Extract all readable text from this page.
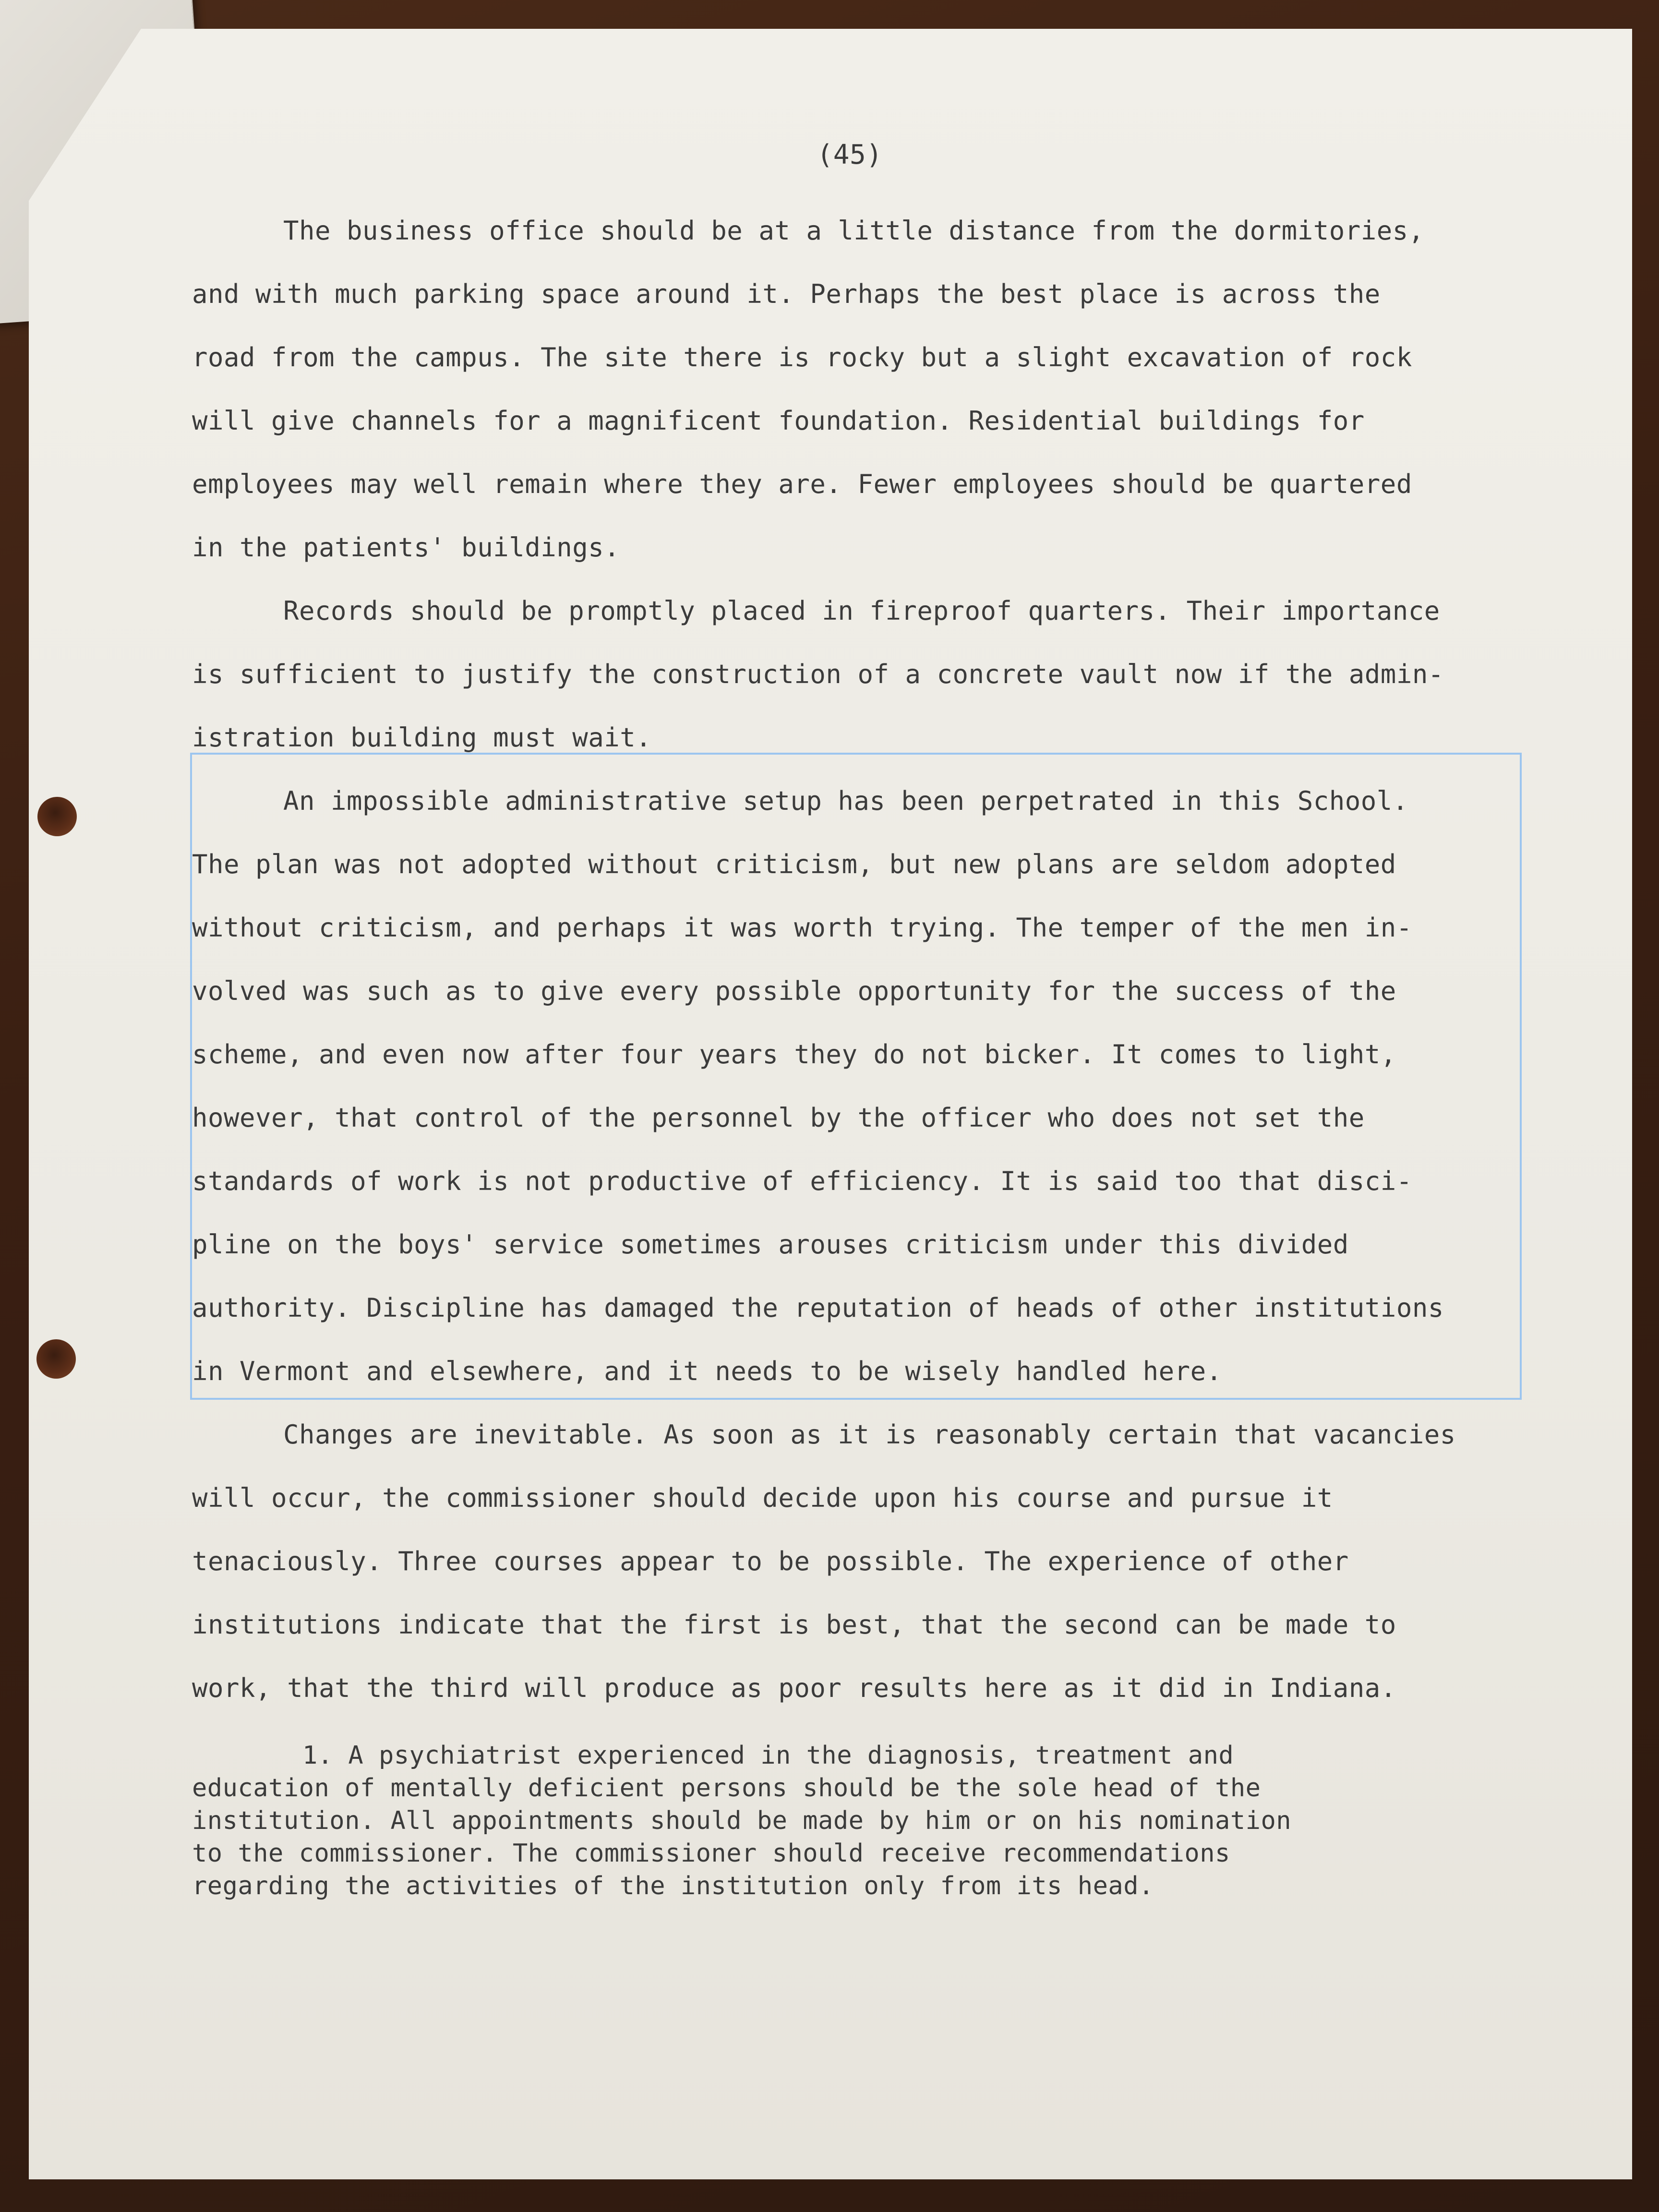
(45)
The business office should be at a little distance from the dormitories,
and with much parking space around it. Perhaps the best place is across the
road from the campus. The site there is rocky but a slight excavation of rock
will give channels for a magnificent foundation. Residential buildings for
employees may well remain where they are. Fewer employees should be quartered
in the patients' buildings.
Records should be promptly placed in fireproof quarters. Their importance
is sufficient to justify the construction of a concrete vault now if the admin-
istration building must wait.
An impossible administrative setup has been perpetrated in this School.
The plan was not adopted without criticism, but new plans are seldom adopted
without criticism, and perhaps it was worth trying. The temper of the men in-
volved was such as to give every possible opportunity for the success of the
scheme, and even now after four years they do not bicker. It comes to light,
however, that control of the personnel by the officer who does not set the
standards of work is not productive of efficiency. It is said too that disci-
pline on the boys' service sometimes arouses criticism under this divided
authority. Discipline has damaged the reputation of heads of other institutions
in Vermont and elsewhere, and it needs to be wisely handled here.
Changes are inevitable. As soon as it is reasonably certain that vacancies
will occur, the commissioner should decide upon his course and pursue it
tenaciously. Three courses appear to be possible. The experience of other
institutions indicate that the first is best, that the second can be made to
work, that the third will produce as poor results here as it did in Indiana.
1. A psychiatrist experienced in the diagnosis, treatment and
education of mentally deficient persons should be the sole head of the
institution. All appointments should be made by him or on his nomination
to the commissioner. The commissioner should receive recommendations
regarding the activities of the institution only from its head.
